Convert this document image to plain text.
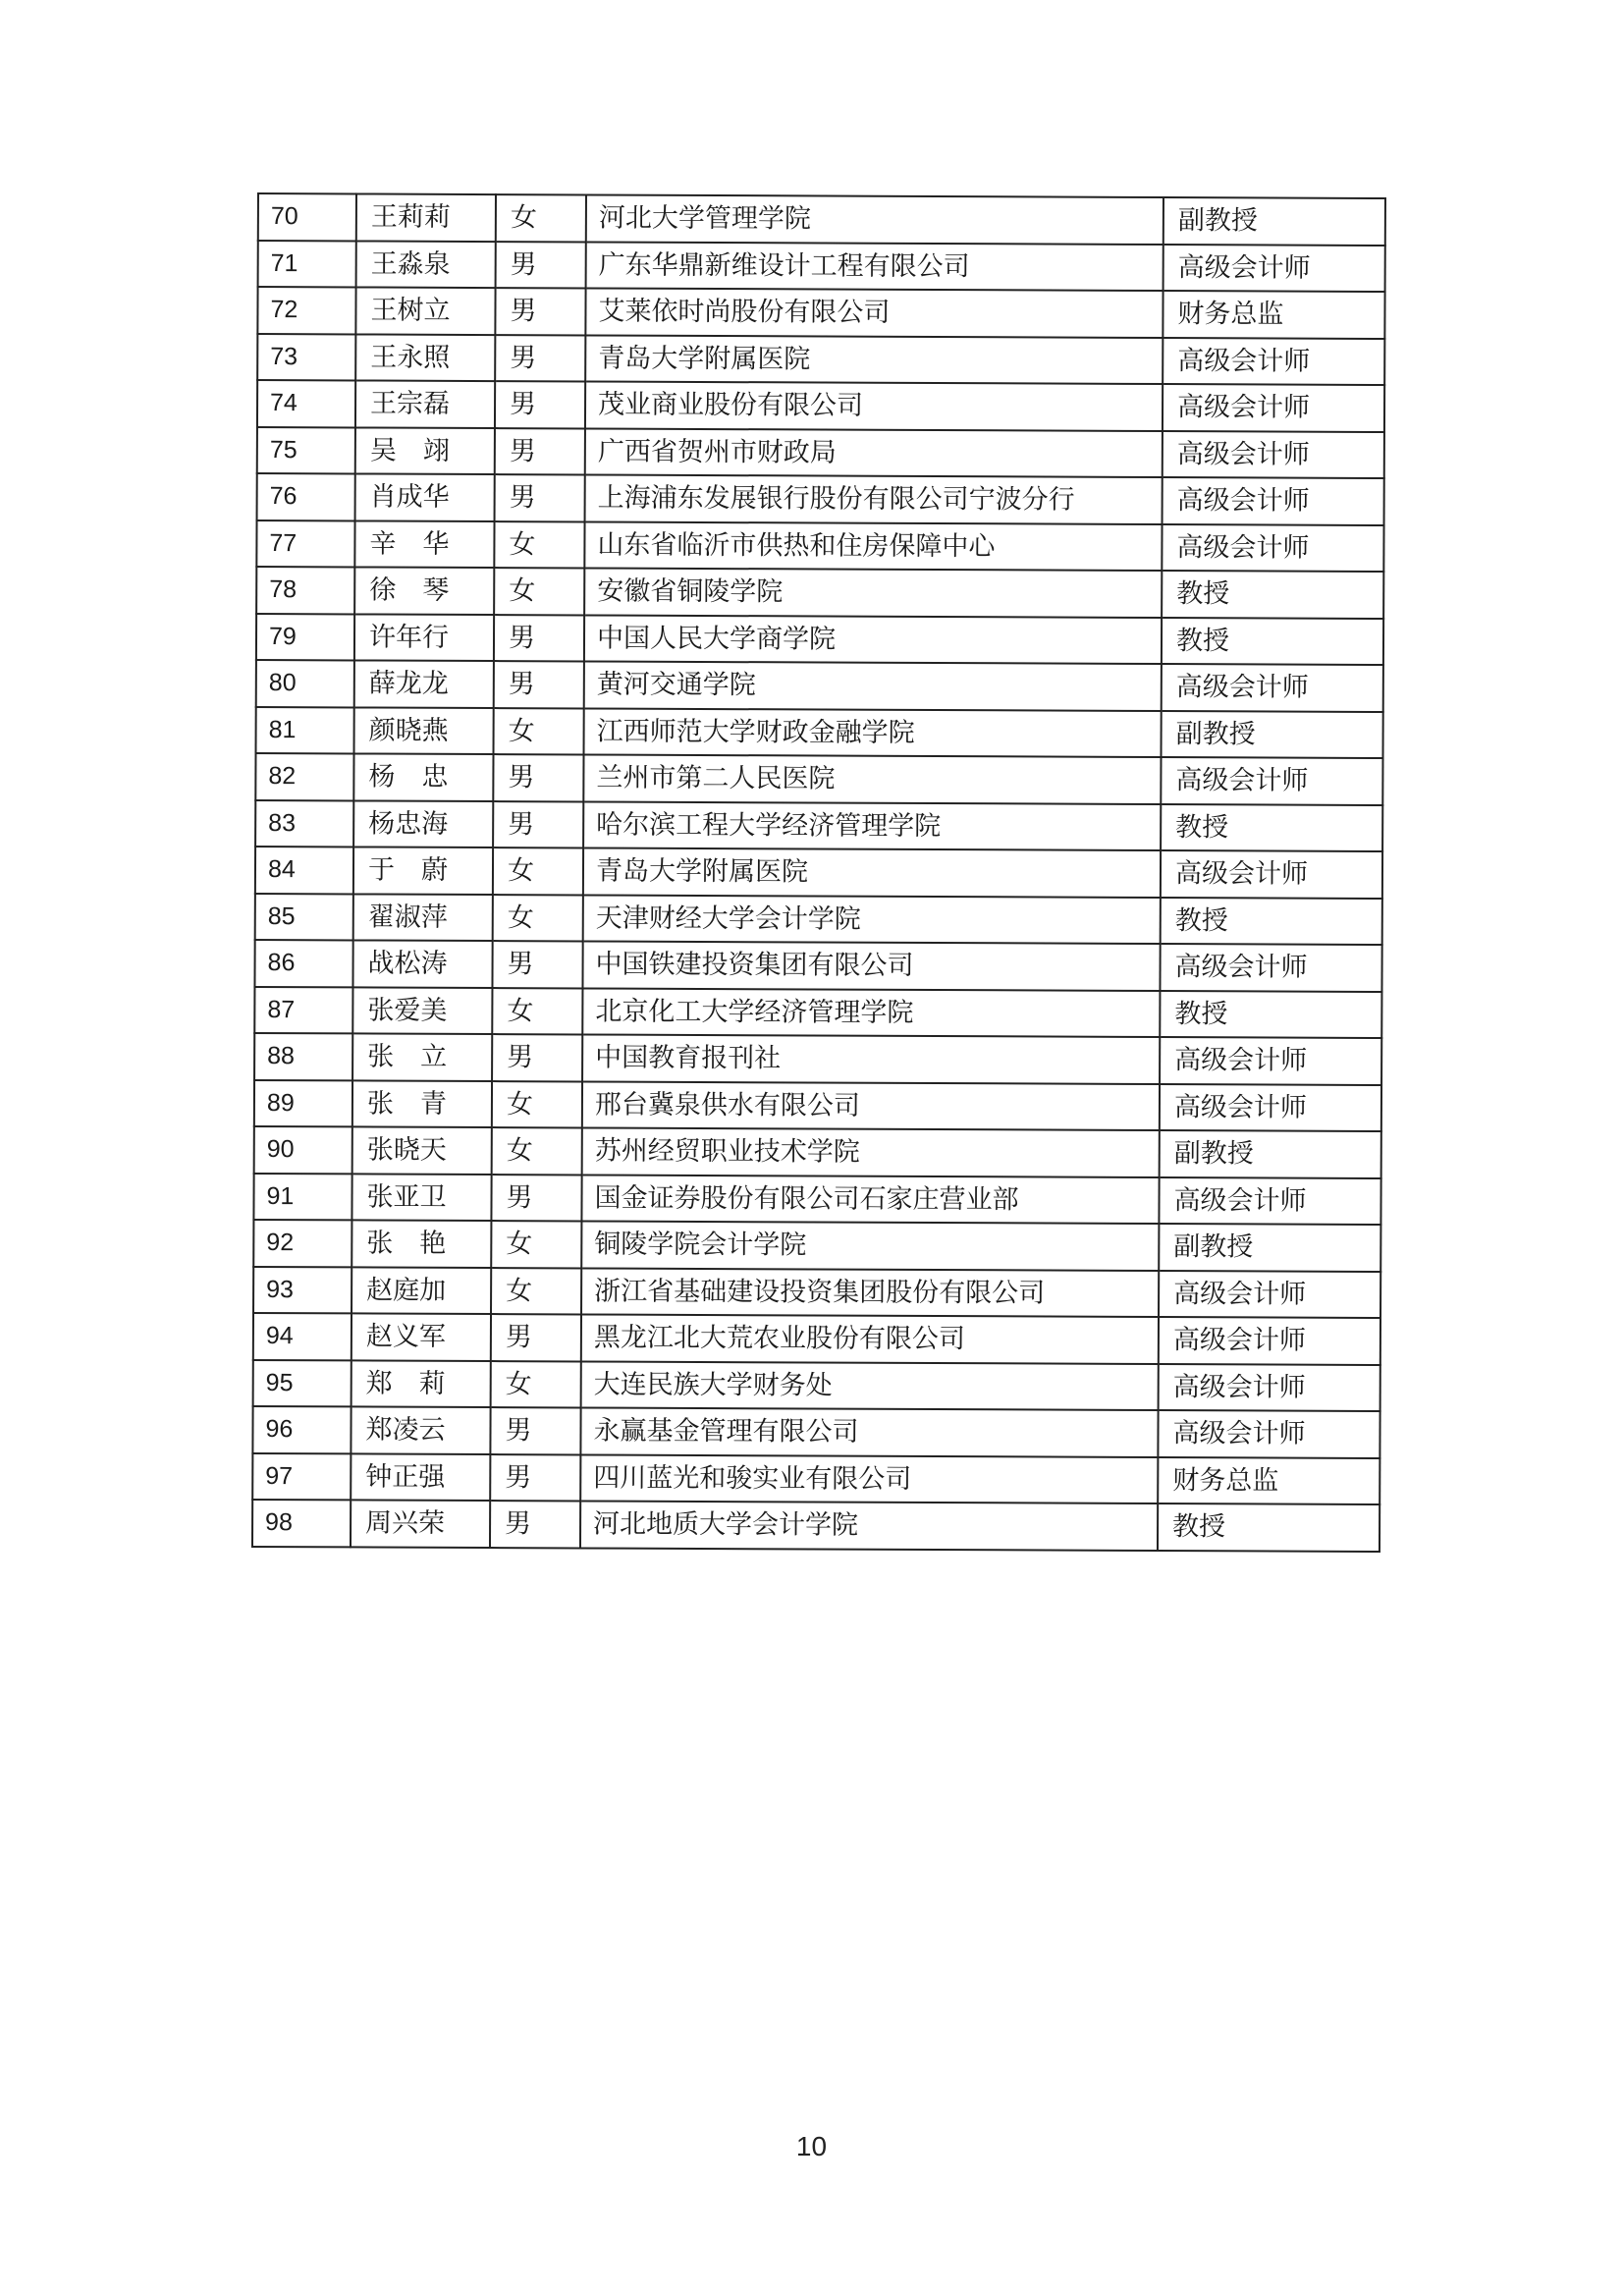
70	王莉莉	女	河北大学管理学院	副教授
71	王淼泉	男	广东华鼎新维设计工程有限公司	高级会计师
72	王树立	男	艾莱依时尚股份有限公司	财务总监
73	王永照	男	青岛大学附属医院	高级会计师
74	王宗磊	男	茂业商业股份有限公司	高级会计师
75	吴　翊	男	广西省贺州市财政局	高级会计师
76	肖成华	男	上海浦东发展银行股份有限公司宁波分行	高级会计师
77	辛　华	女	山东省临沂市供热和住房保障中心	高级会计师
78	徐　琴	女	安徽省铜陵学院	教授
79	许年行	男	中国人民大学商学院	教授
80	薛龙龙	男	黄河交通学院	高级会计师
81	颜晓燕	女	江西师范大学财政金融学院	副教授
82	杨　忠	男	兰州市第二人民医院	高级会计师
83	杨忠海	男	哈尔滨工程大学经济管理学院	教授
84	于　蔚	女	青岛大学附属医院	高级会计师
85	翟淑萍	女	天津财经大学会计学院	教授
86	战松涛	男	中国铁建投资集团有限公司	高级会计师
87	张爱美	女	北京化工大学经济管理学院	教授
88	张　立	男	中国教育报刊社	高级会计师
89	张　青	女	邢台冀泉供水有限公司	高级会计师
90	张晓天	女	苏州经贸职业技术学院	副教授
91	张亚卫	男	国金证券股份有限公司石家庄营业部	高级会计师
92	张　艳	女	铜陵学院会计学院	副教授
93	赵庭加	女	浙江省基础建设投资集团股份有限公司	高级会计师
94	赵义军	男	黑龙江北大荒农业股份有限公司	高级会计师
95	郑　莉	女	大连民族大学财务处	高级会计师
96	郑凌云	男	永赢基金管理有限公司	高级会计师
97	钟正强	男	四川蓝光和骏实业有限公司	财务总监
98	周兴荣	男	河北地质大学会计学院	教授
10
